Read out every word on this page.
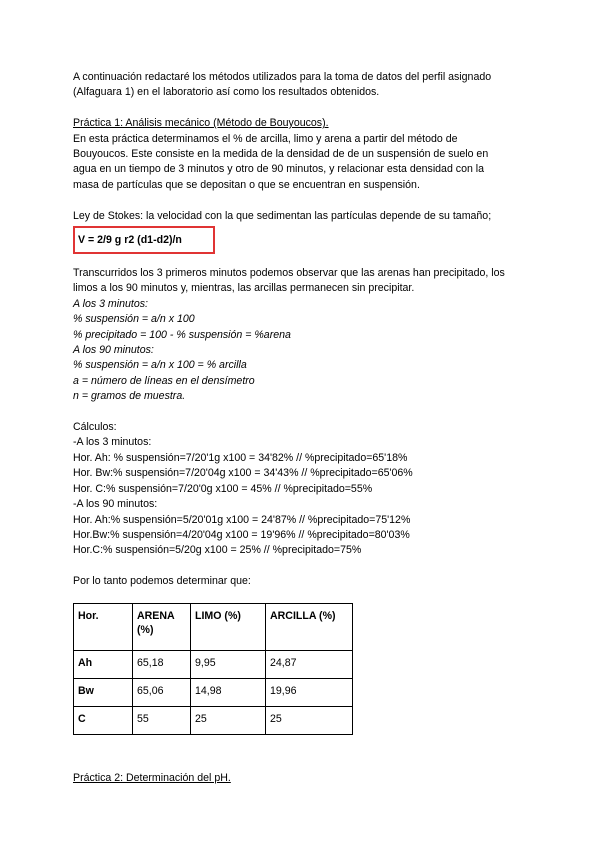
A continuación redactaré los métodos utilizados para la toma de datos del perfil asignado

(Alfaguara 1) en el laboratorio así como los resultados obtenidos.

Práctica 1: Análisis mecánico (Método de Bouyoucos).

En esta práctica determinamos el % de arcilla, limo y arena a partir del método de

Bouyoucos. Este consiste en la medida de la densidad de de un suspensión de suelo en

agua en un tiempo de 3 minutos y otro de 90 minutos, y relacionar esta densidad con la

masa de partículas que se depositan o que se encuentran en suspensión.

Ley de Stokes: la velocidad con la que sedimentan las partículas depende de su tamaño;

V = 2/9 g r2 (d1-d2)/n

Transcurridos los 3 primeros minutos podemos observar que las arenas han precipitado, los

limos a los 90 minutos y, mientras, las arcillas permanecen sin precipitar.

A los 3 minutos:

% suspensión = a/n x 100

% precipitado = 100 - % suspensión = %arena

A los 90 minutos:

% suspensión = a/n x 100 = % arcilla

a = número de líneas en el densímetro

n = gramos de muestra.

Cálculos:

-A los 3 minutos:

Hor. Ah: % suspensión=7/20'1g x100 = 34'82% // %precipitado=65'18%

Hor. Bw:% suspensión=7/20'04g x100 = 34'43% // %precipitado=65'06%

Hor. C:% suspensión=7/20'0g x100 = 45% // %precipitado=55%

-A los 90 minutos:

Hor. Ah:% suspensión=5/20'01g x100 = 24'87% // %precipitado=75'12%

Hor.Bw:% suspensión=4/20'04g x100 = 19'96% // %precipitado=80'03%

Hor.C:% suspensión=5/20g x100 = 25% // %precipitado=75%

Por lo tanto podemos determinar que:

Hor.	ARENA (%)	LIMO (%)	ARCILLA (%)
Ah	65,18	9,95	24,87
Bw	65,06	14,98	19,96
C	55	25	25

Práctica 2: Determinación del pH.
